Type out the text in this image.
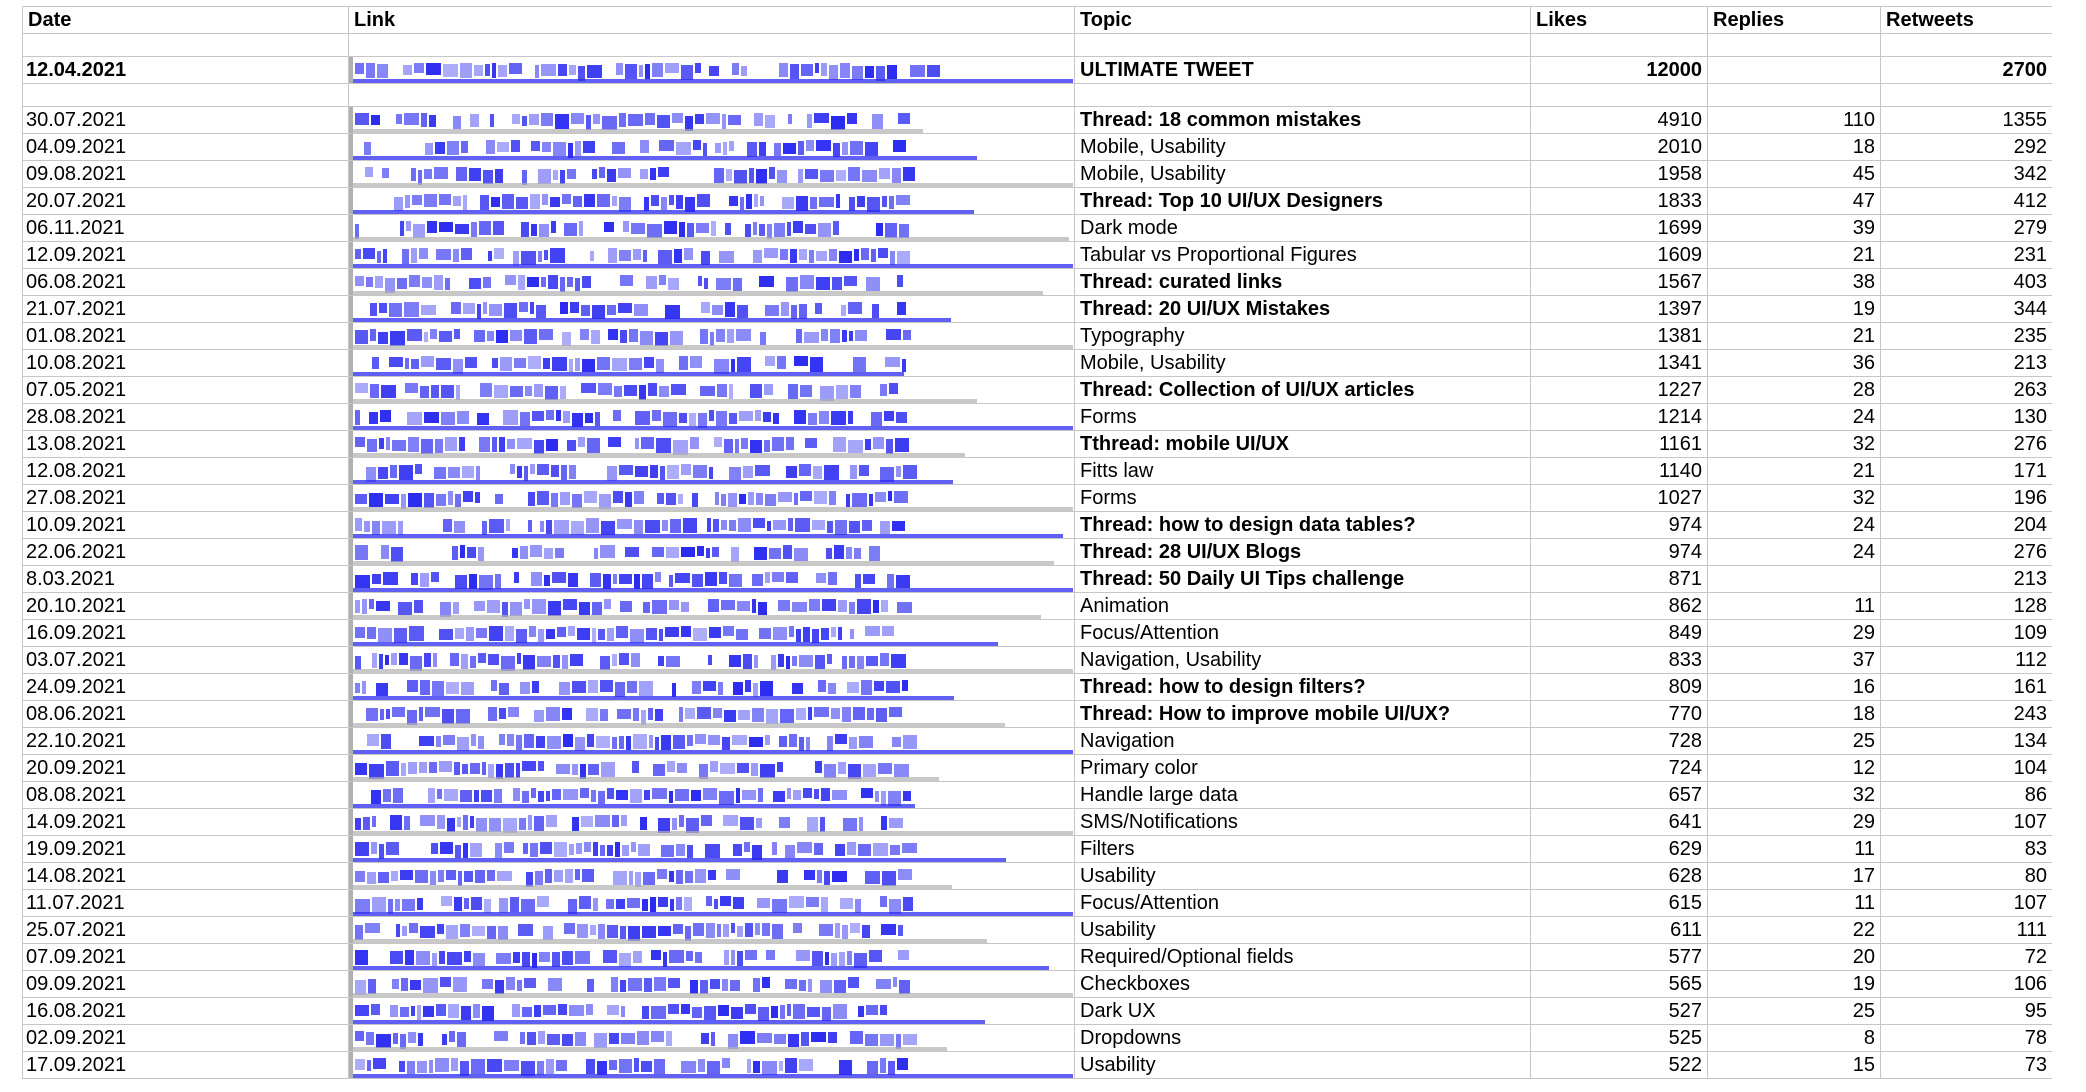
Date	Link	Topic	Likes	Replies	Retweets

12.04.2021		ULTIMATE TWEET	12000		2700

30.07.2021		Thread: 18 common mistakes	4910	110	1355
04.09.2021		Mobile, Usability	2010	18	292
09.08.2021		Mobile, Usability	1958	45	342
20.07.2021		Thread: Top 10 UI/UX Designers	1833	47	412
06.11.2021		Dark mode	1699	39	279
12.09.2021		Tabular vs Proportional Figures	1609	21	231
06.08.2021		Thread: curated links	1567	38	403
21.07.2021		Thread: 20 UI/UX Mistakes	1397	19	344
01.08.2021		Typography	1381	21	235
10.08.2021		Mobile, Usability	1341	36	213
07.05.2021		Thread: Collection of UI/UX articles	1227	28	263
28.08.2021		Forms	1214	24	130
13.08.2021		Tthread: mobile UI/UX	1161	32	276
12.08.2021		Fitts law	1140	21	171
27.08.2021		Forms	1027	32	196
10.09.2021		Thread: how to design data tables?	974	24	204
22.06.2021		Thread: 28 UI/UX Blogs	974	24	276
8.03.2021		Thread: 50 Daily UI Tips challenge	871		213
20.10.2021		Animation	862	11	128
16.09.2021		Focus/Attention	849	29	109
03.07.2021		Navigation, Usability	833	37	112
24.09.2021		Thread: how to design filters?	809	16	161
08.06.2021		Thread: How to improve mobile UI/UX?	770	18	243
22.10.2021		Navigation	728	25	134
20.09.2021		Primary color	724	12	104
08.08.2021		Handle large data	657	32	86
14.09.2021		SMS/Notifications	641	29	107
19.09.2021		Filters	629	11	83
14.08.2021		Usability	628	17	80
11.07.2021		Focus/Attention	615	11	107
25.07.2021		Usability	611	22	111
07.09.2021		Required/Optional fields	577	20	72
09.09.2021		Checkboxes	565	19	106
16.08.2021		Dark UX	527	25	95
02.09.2021		Dropdowns	525	8	78
17.09.2021		Usability	522	15	73
